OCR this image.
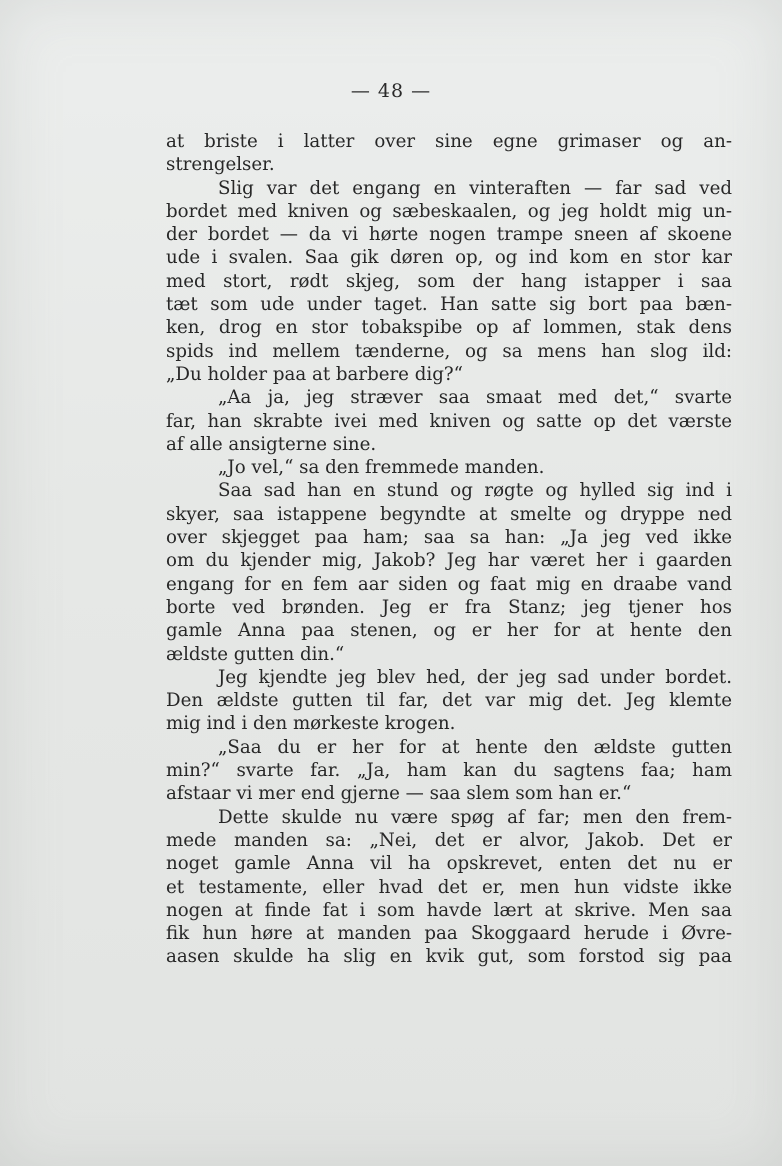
— 48 —
at briste i latter over sine egne grimaser og an-
strengelser.
Slig var det engang en vinteraften — far sad ved
bordet med kniven og sæbeskaalen, og jeg holdt mig un-
der bordet — da vi hørte nogen trampe sneen af skoene
ude i svalen. Saa gik døren op, og ind kom en stor kar
med stort, rødt skjeg, som der hang istapper i saa
tæt som ude under taget. Han satte sig bort paa bæn-
ken, drog en stor tobakspibe op af lommen, stak dens
spids ind mellem tænderne, og sa mens han slog ild:
„Du holder paa at barbere dig?“
„Aa ja, jeg stræver saa smaat med det,“ svarte
far, han skrabte ivei med kniven og satte op det værste
af alle ansigterne sine.
„Jo vel,“ sa den fremmede manden.
Saa sad han en stund og røgte og hylled sig ind i
skyer, saa istappene begyndte at smelte og dryppe ned
over skjegget paa ham; saa sa han: „Ja jeg ved ikke
om du kjender mig, Jakob? Jeg har været her i gaarden
engang for en fem aar siden og faat mig en draabe vand
borte ved brønden. Jeg er fra Stanz; jeg tjener hos
gamle Anna paa stenen, og er her for at hente den
ældste gutten din.“
Jeg kjendte jeg blev hed, der jeg sad under bordet.
Den ældste gutten til far, det var mig det. Jeg klemte
mig ind i den mørkeste krogen.
„Saa du er her for at hente den ældste gutten
min?“ svarte far. „Ja, ham kan du sagtens faa; ham
afstaar vi mer end gjerne — saa slem som han er.“
Dette skulde nu være spøg af far; men den frem-
mede manden sa: „Nei, det er alvor, Jakob. Det er
noget gamle Anna vil ha opskrevet, enten det nu er
et testamente, eller hvad det er, men hun vidste ikke
nogen at finde fat i som havde lært at skrive. Men saa
fik hun høre at manden paa Skoggaard herude i Øvre-
aasen skulde ha slig en kvik gut, som forstod sig paa
